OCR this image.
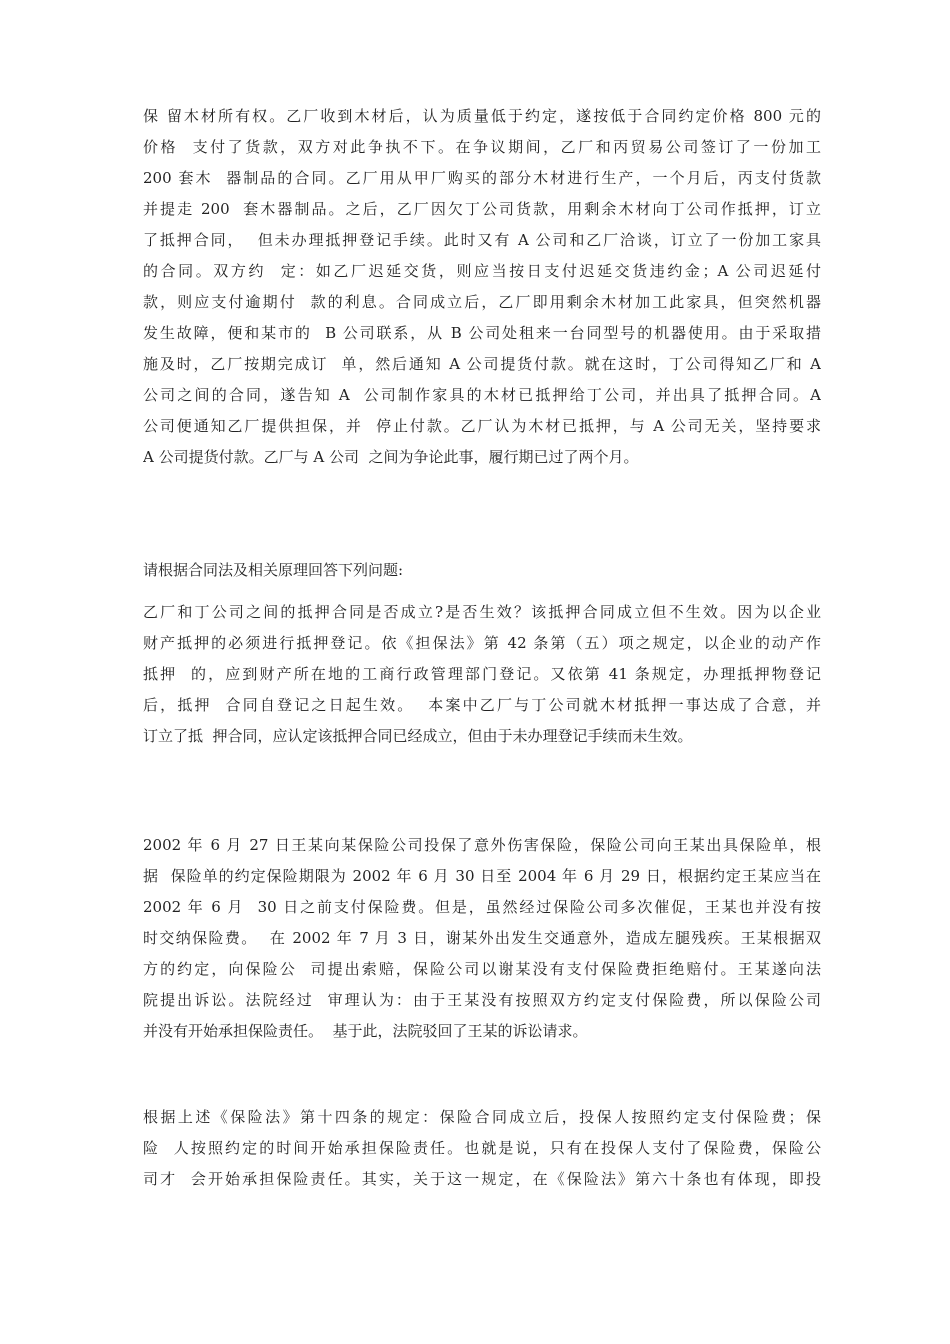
保 留木材所有权。乙厂收到木材后，认为质量低于约定，遂按低于合同约定价格 800 元的
价格  支付了货款，双方对此争执不下。在争议期间，乙厂和丙贸易公司签订了一份加工
200 套木  器制品的合同。乙厂用从甲厂购买的部分木材进行生产，一个月后，丙支付货款
并提走 200  套木器制品。之后，乙厂因欠丁公司货款，用剩余木材向丁公司作抵押，订立
了抵押合同，  但未办理抵押登记手续。此时又有 A 公司和乙厂洽谈，订立了一份加工家具
的合同。双方约  定：如乙厂迟延交货，则应当按日支付迟延交货违约金；A 公司迟延付
款，则应支付逾期付  款的利息。合同成立后，乙厂即用剩余木材加工此家具，但突然机器
发生故障，便和某市的  B 公司联系，从 B 公司处租来一台同型号的机器使用。由于采取措
施及时，乙厂按期完成订  单，然后通知 A 公司提货付款。就在这时，丁公司得知乙厂和 A
公司之间的合同，遂告知 A  公司制作家具的木材已抵押给丁公司，并出具了抵押合同。A
公司便通知乙厂提供担保，并  停止付款。乙厂认为木材已抵押，与 A 公司无关，坚持要求
A 公司提货付款。乙厂与 A 公司  之间为争论此事，履行期已过了两个月。
请根据合同法及相关原理回答下列问题:
乙厂和丁公司之间的抵押合同是否成立?是否生效？该抵押合同成立但不生效。因为以企业
财产抵押的必须进行抵押登记。依《担保法》第 42 条第（五）项之规定，以企业的动产作
抵押  的，应到财产所在地的工商行政管理部门登记。又依第 41 条规定，办理抵押物登记
后，抵押  合同自登记之日起生效。  本案中乙厂与丁公司就木材抵押一事达成了合意，并
订立了抵  押合同，应认定该抵押合同已经成立，但由于未办理登记手续而未生效。
2002 年 6 月 27 日王某向某保险公司投保了意外伤害保险，保险公司向王某出具保险单，根
据  保险单的约定保险期限为 2002 年 6 月 30 日至 2004 年 6 月 29 日，根据约定王某应当在
2002 年 6 月  30 日之前支付保险费。但是，虽然经过保险公司多次催促，王某也并没有按
时交纳保险费。  在 2002 年 7 月 3 日，谢某外出发生交通意外，造成左腿残疾。王某根据双
方的约定，向保险公  司提出索赔，保险公司以谢某没有支付保险费拒绝赔付。王某遂向法
院提出诉讼。法院经过  审理认为：由于王某没有按照双方约定支付保险费，所以保险公司
并没有开始承担保险责任。  基于此，法院驳回了王某的诉讼请求。
根据上述《保险法》第十四条的规定：保险合同成立后，投保人按照约定支付保险费；保
险  人按照约定的时间开始承担保险责任。也就是说，只有在投保人支付了保险费，保险公
司才  会开始承担保险责任。其实，关于这一规定，在《保险法》第六十条也有体现，即投
